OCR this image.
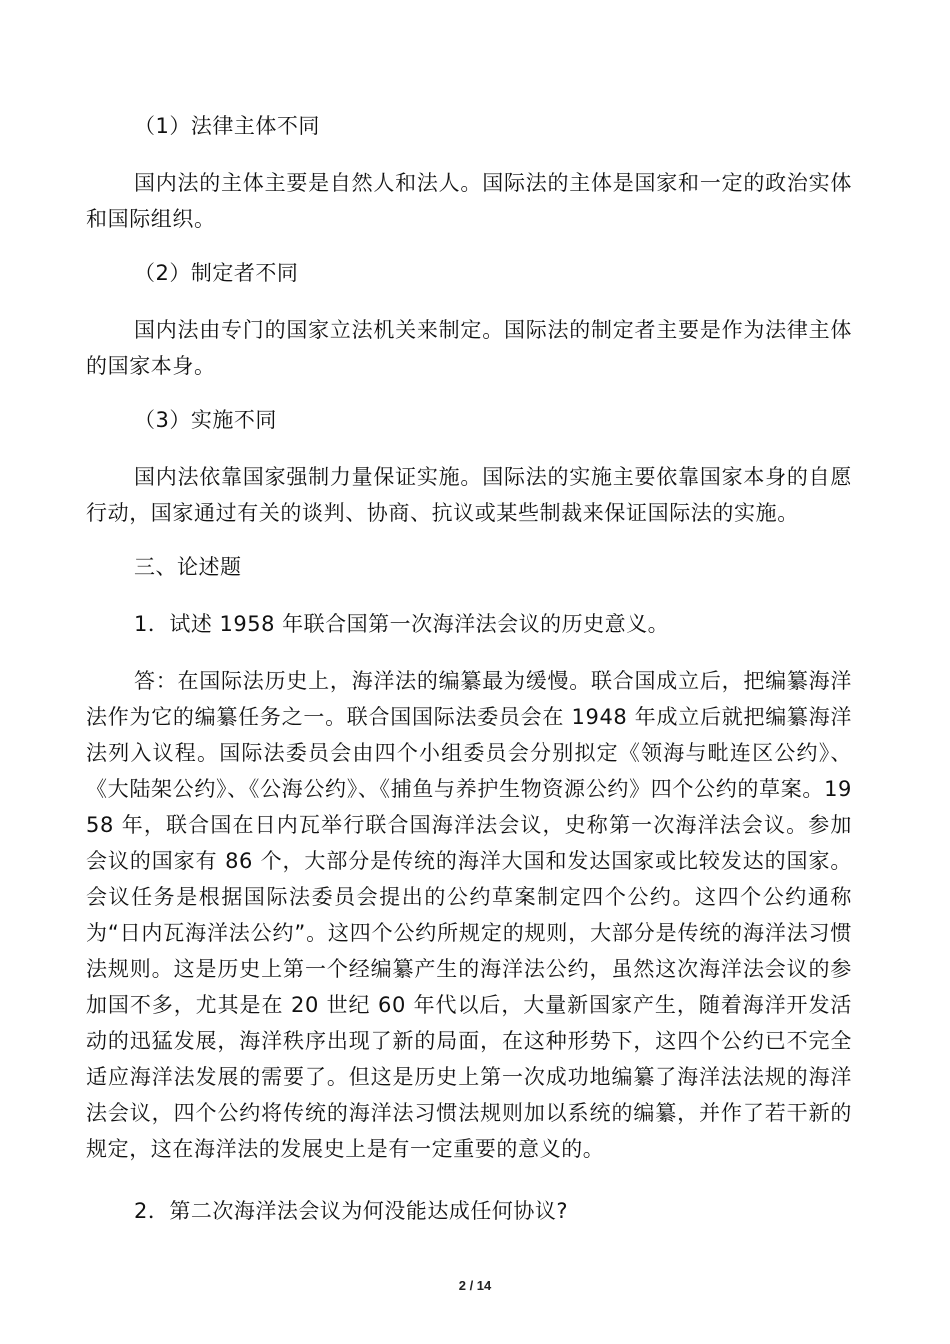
（1）法律主体不同
国内法的主体主要是自然人和法人。国际法的主体是国家和一定的政治实体和国际组织。
（2）制定者不同
国内法由专门的国家立法机关来制定。国际法的制定者主要是作为法律主体的国家本身。
（3）实施不同
国内法依靠国家强制力量保证实施。国际法的实施主要依靠国家本身的自愿行动，国家通过有关的谈判、协商、抗议或某些制裁来保证国际法的实施。
三、论述题
1．试述 1958 年联合国第一次海洋法会议的历史意义。
答：在国际法历史上，海洋法的编纂最为缓慢。联合国成立后，把编纂海洋法作为它的编纂任务之一。联合国国际法委员会在 1948 年成立后就把编纂海洋法列入议程。国际法委员会由四个小组委员会分别拟定《领海与毗连区公约》、《大陆架公约》、《公海公约》、《捕鱼与养护生物资源公约》四个公约的草案。1958 年，联合国在日内瓦举行联合国海洋法会议，史称第一次海洋法会议。参加会议的国家有 86 个，大部分是传统的海洋大国和发达国家或比较发达的国家。会议任务是根据国际法委员会提出的公约草案制定四个公约。这四个公约通称为“日内瓦海洋法公约”。这四个公约所规定的规则，大部分是传统的海洋法习惯法规则。这是历史上第一个经编纂产生的海洋法公约，虽然这次海洋法会议的参加国不多，尤其是在 20 世纪 60 年代以后，大量新国家产生，随着海洋开发活动的迅猛发展，海洋秩序出现了新的局面，在这种形势下，这四个公约已不完全适应海洋法发展的需要了。但这是历史上第一次成功地编纂了海洋法法规的海洋法会议，四个公约将传统的海洋法习惯法规则加以系统的编纂，并作了若干新的规定，这在海洋法的发展史上是有一定重要的意义的。
2．第二次海洋法会议为何没能达成任何协议?
2 / 14
